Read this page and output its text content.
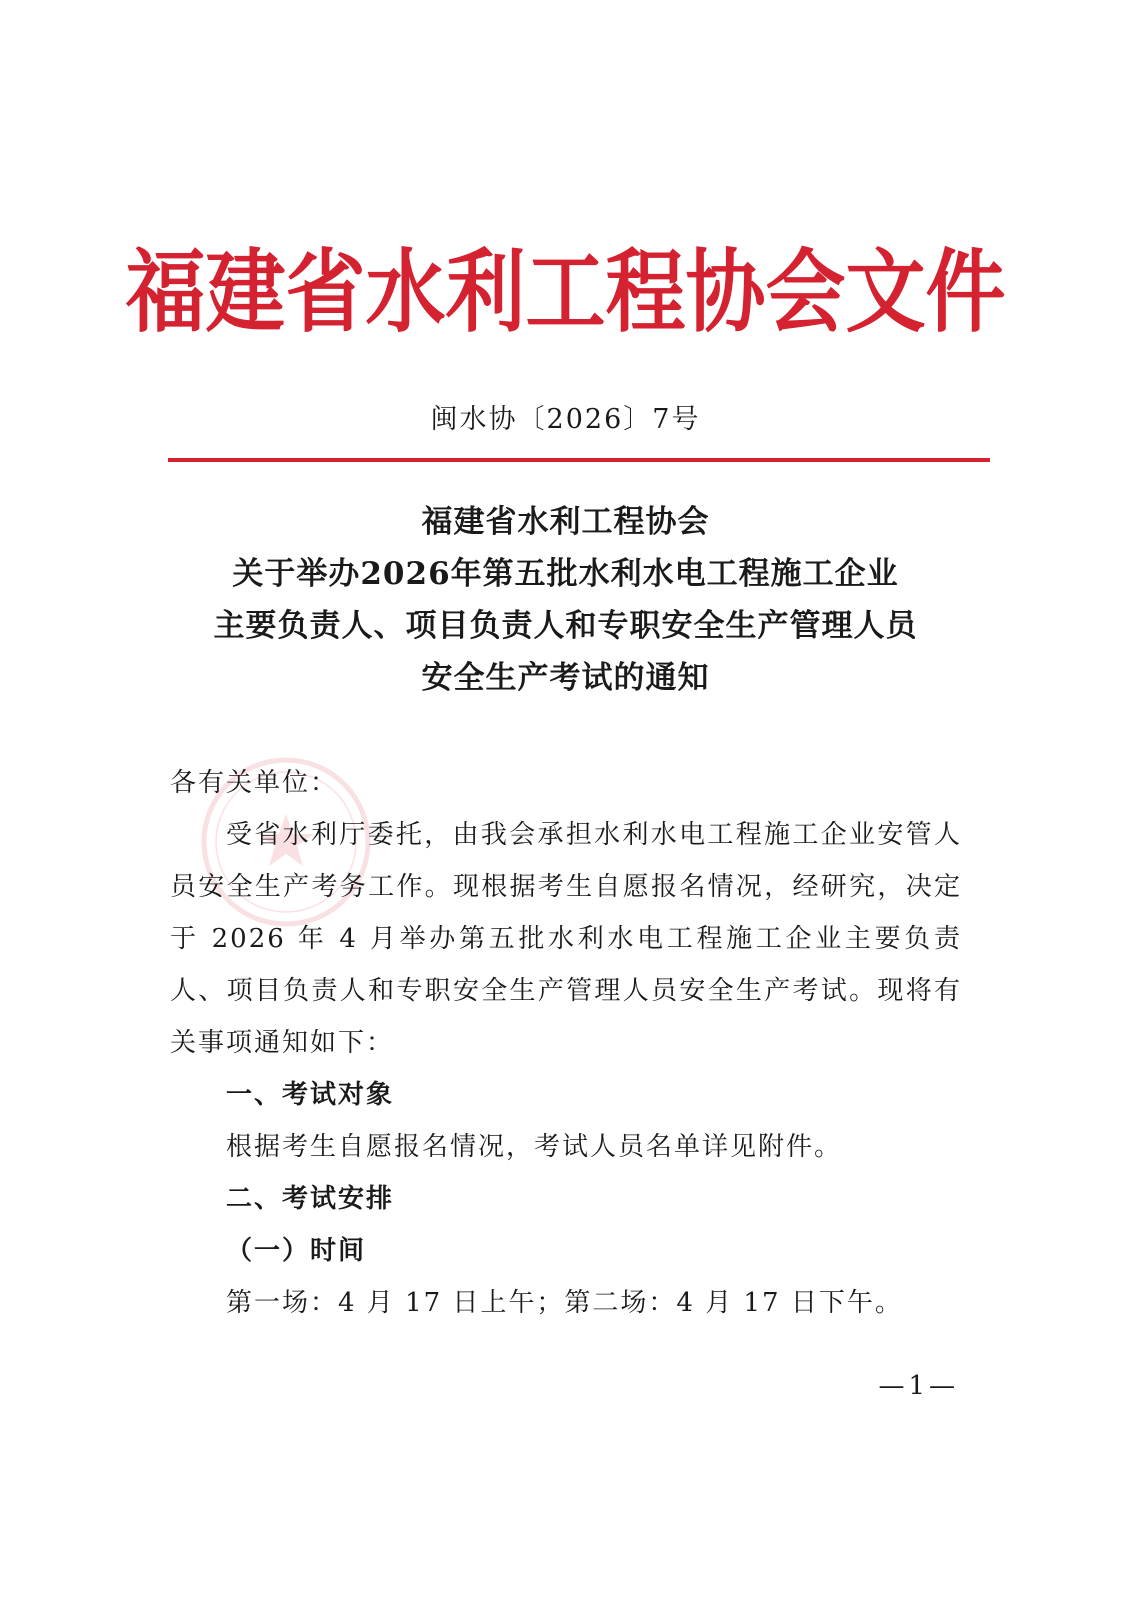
福建省水利工程协会文件
闽水协〔2026〕7号
福建省水利工程协会
关于举办2026年第五批水利水电工程施工企业
主要负责人、项目负责人和专职安全生产管理人员
安全生产考试的通知

各有关单位：

受省水利厅委托，由我会承担水利水电工程施工企业安管人员安全生产考务工作。现根据考生自愿报名情况，经研究，决定于 2026 年 4 月举办第五批水利水电工程施工企业主要负责人、项目负责人和专职安全生产管理人员安全生产考试。现将有关事项通知如下：

一、考试对象

根据考生自愿报名情况，考试人员名单详见附件。

二、考试安排

（一）时间

第一场：4 月 17 日上午；第二场：4 月 17 日下午。

—1—
